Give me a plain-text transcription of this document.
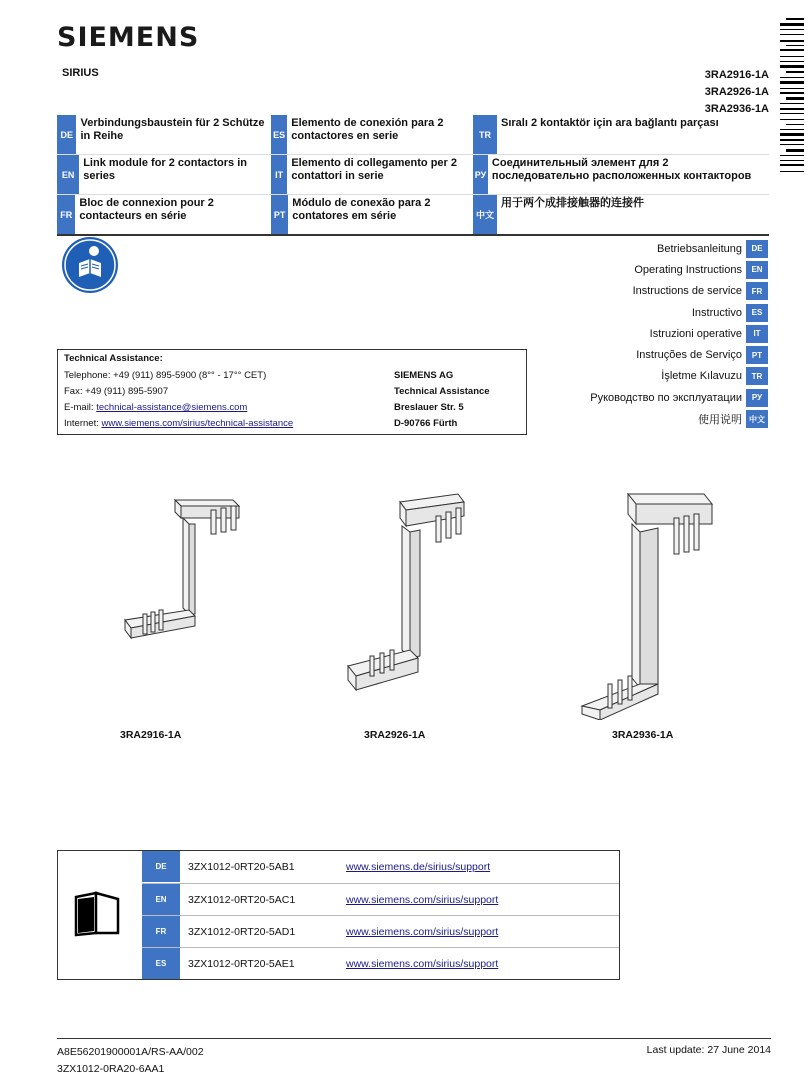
SIEMENS
SIRIUS	3RA2916-1A
3RA2926-1A
3RA2936-1A
DE
Verbindungsbaustein für 2 Schütze in Reihe	ES
Elemento de conexión para 2 contactores en serie	TR
Sıralı 2 kontaktör için ara bağlantı parçası
EN
Link module for 2 contactors in series	IT
Elemento di collegamento per 2 contattori in serie	РУ
Соединительный элемент для 2 последовательно расположенных контакторов
FR
Bloc de connexion pour 2 contacteurs en série	PT
Módulo de conexão para 2 contatores em série	中文
用于两个成排接触器的连接件
Betriebsanleitung	DE
Operating Instructions	EN
Instructions de service	FR
Instructivo	ES
Istruzioni operative	IT
Instruções de Serviço	PT
İşletme Kılavuzu	TR
Руководство по эксплуатации	РУ
使用说明 中文
Technical Assistance:
Telephone: +49 (911) 895-5900 (8°° - 17°° CET)
Fax: +49 (911) 895-5907
E-mail: technical-assistance@siemens.com
Internet: www.siemens.com/sirius/technical-assistance
SIEMENS AG
Technical Assistance
Breslauer Str. 5
D-90766 Fürth
3RA2916-1A	3RA2926-1A	3RA2936-1A
DE	3ZX1012-0RT20-5AB1	www.siemens.de/sirius/support
EN	3ZX1012-0RT20-5AC1	www.siemens.com/sirius/support
FR	3ZX1012-0RT20-5AD1	www.siemens.com/sirius/support
ES	3ZX1012-0RT20-5AE1	www.siemens.com/sirius/support
A8E56201900001A/RS-AA/002
3ZX1012-0RA20-6AA1
Last update: 27 June 2014
